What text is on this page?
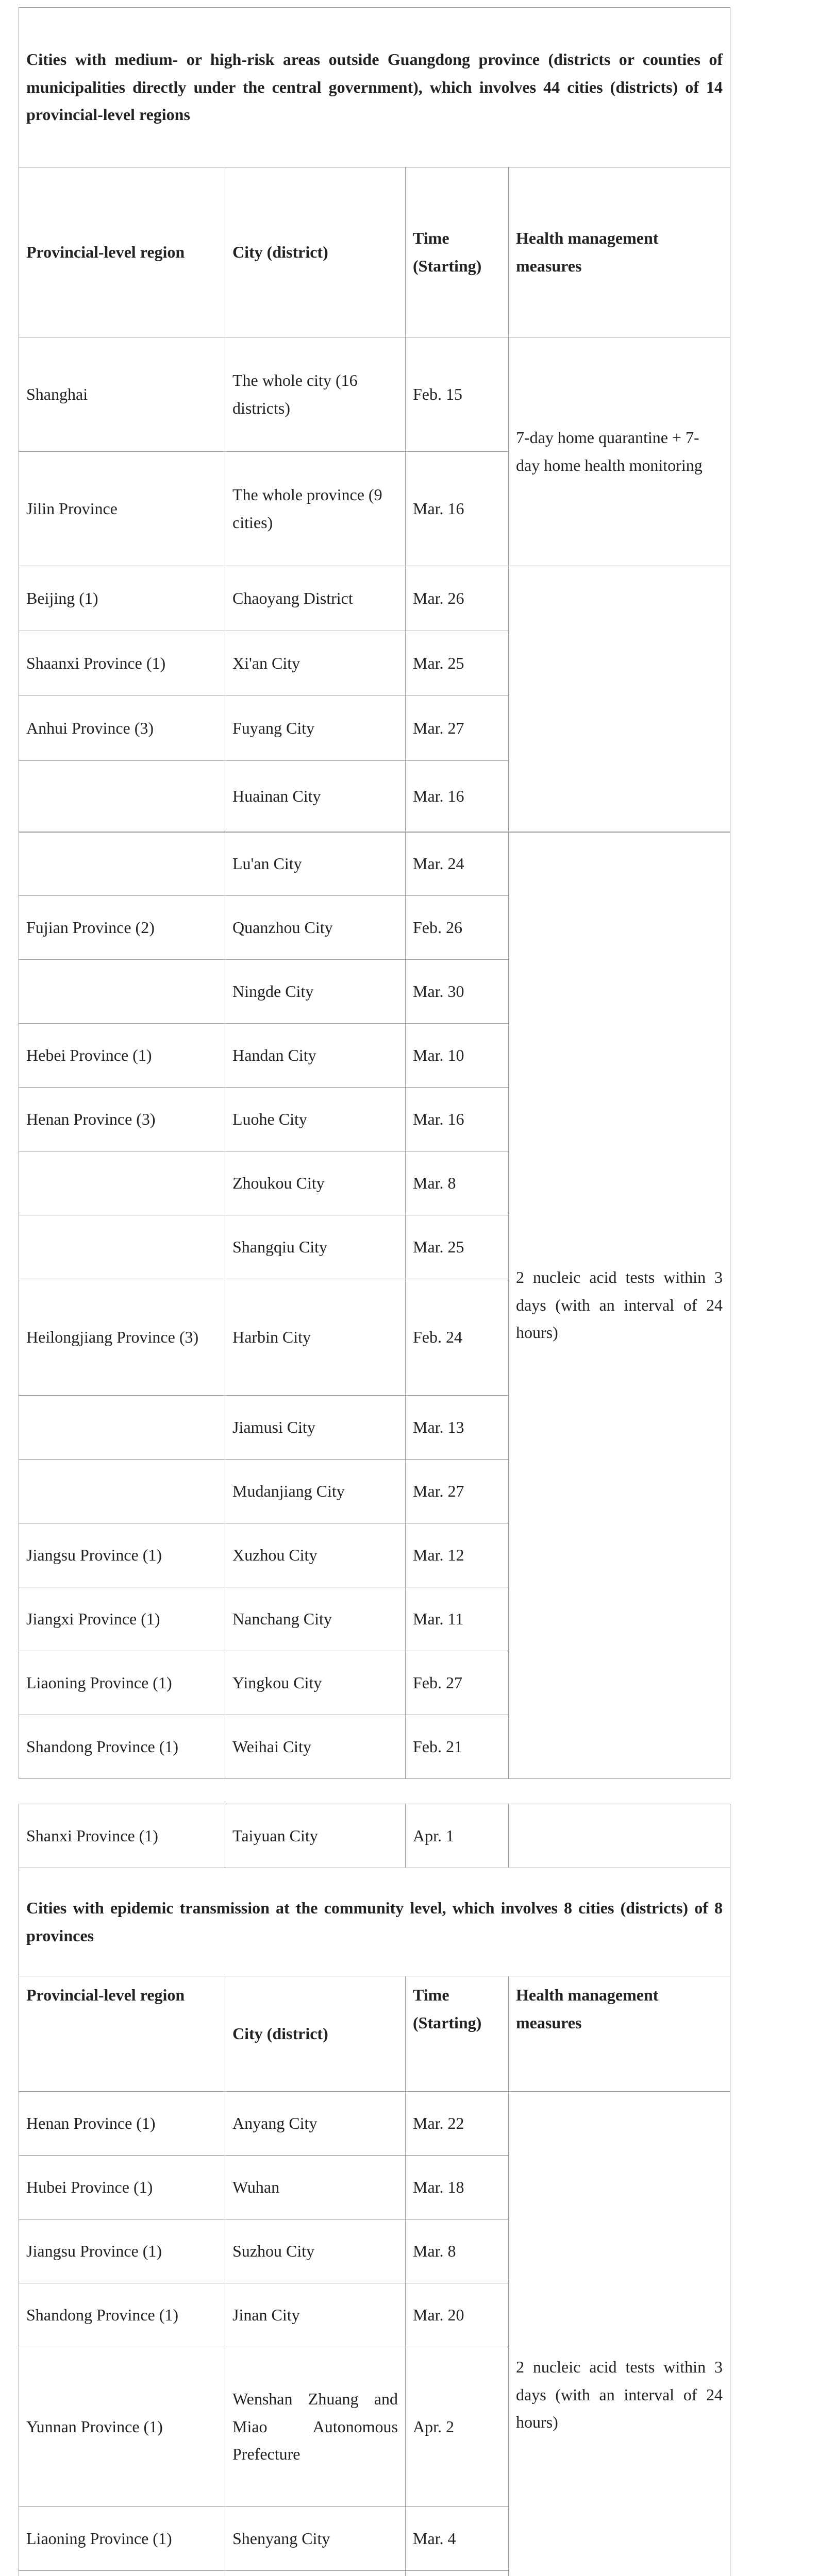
Cities with medium- or high-risk areas outside Guangdong province (districts or counties of municipalities directly under the central government), which involves 44 cities (districts) of 14 provincial-level regions			
Provincial-level region	City (district)	Time (Starting)	Health management measures
Shanghai	The whole city (16 districts)	Feb. 15	7-day home quarantine + 7-day home health monitoring
Jilin Province	The whole province (9 cities)	Mar. 16	
Beijing (1)	Chaoyang District	Mar. 26	
Shaanxi Province (1)	Xi'an City	Mar. 25	
Anhui Province (3)	Fuyang City	Mar. 27	
	Huainan City	Mar. 16	
	Lu'an City	Mar. 24	2 nucleic acid tests within 3 days (with an interval of 24 hours)
Fujian Province (2)	Quanzhou City	Feb. 26	
	Ningde City	Mar. 30	
Hebei Province (1)	Handan City	Mar. 10	
Henan Province (3)	Luohe City	Mar. 16	
	Zhoukou City	Mar. 8	
	Shangqiu City	Mar. 25	
Heilongjiang Province (3)	Harbin City	Feb. 24	
	Jiamusi City	Mar. 13	
	Mudanjiang City	Mar. 27	
Jiangsu Province (1)	Xuzhou City	Mar. 12	
Jiangxi Province (1)	Nanchang City	Mar. 11	
Liaoning Province (1)	Yingkou City	Feb. 27	
Shandong Province (1)	Weihai City	Feb. 21	
Shanxi Province (1)	Taiyuan City	Apr. 1	
Cities with epidemic transmission at the community level, which involves 8 cities (districts) of 8 provinces			
Provincial-level region	City (district)	Time (Starting)	Health management measures
Henan Province (1)	Anyang City	Mar. 22	2 nucleic acid tests within 3 days (with an interval of 24 hours)
Hubei Province (1)	Wuhan	Mar. 18	
Jiangsu Province (1)	Suzhou City	Mar. 8	
Shandong Province (1)	Jinan City	Mar. 20	
Yunnan Province (1)	Wenshan Zhuang and Miao Autonomous Prefecture	Apr. 2	
Liaoning Province (1)	Shenyang City	Mar. 4	
